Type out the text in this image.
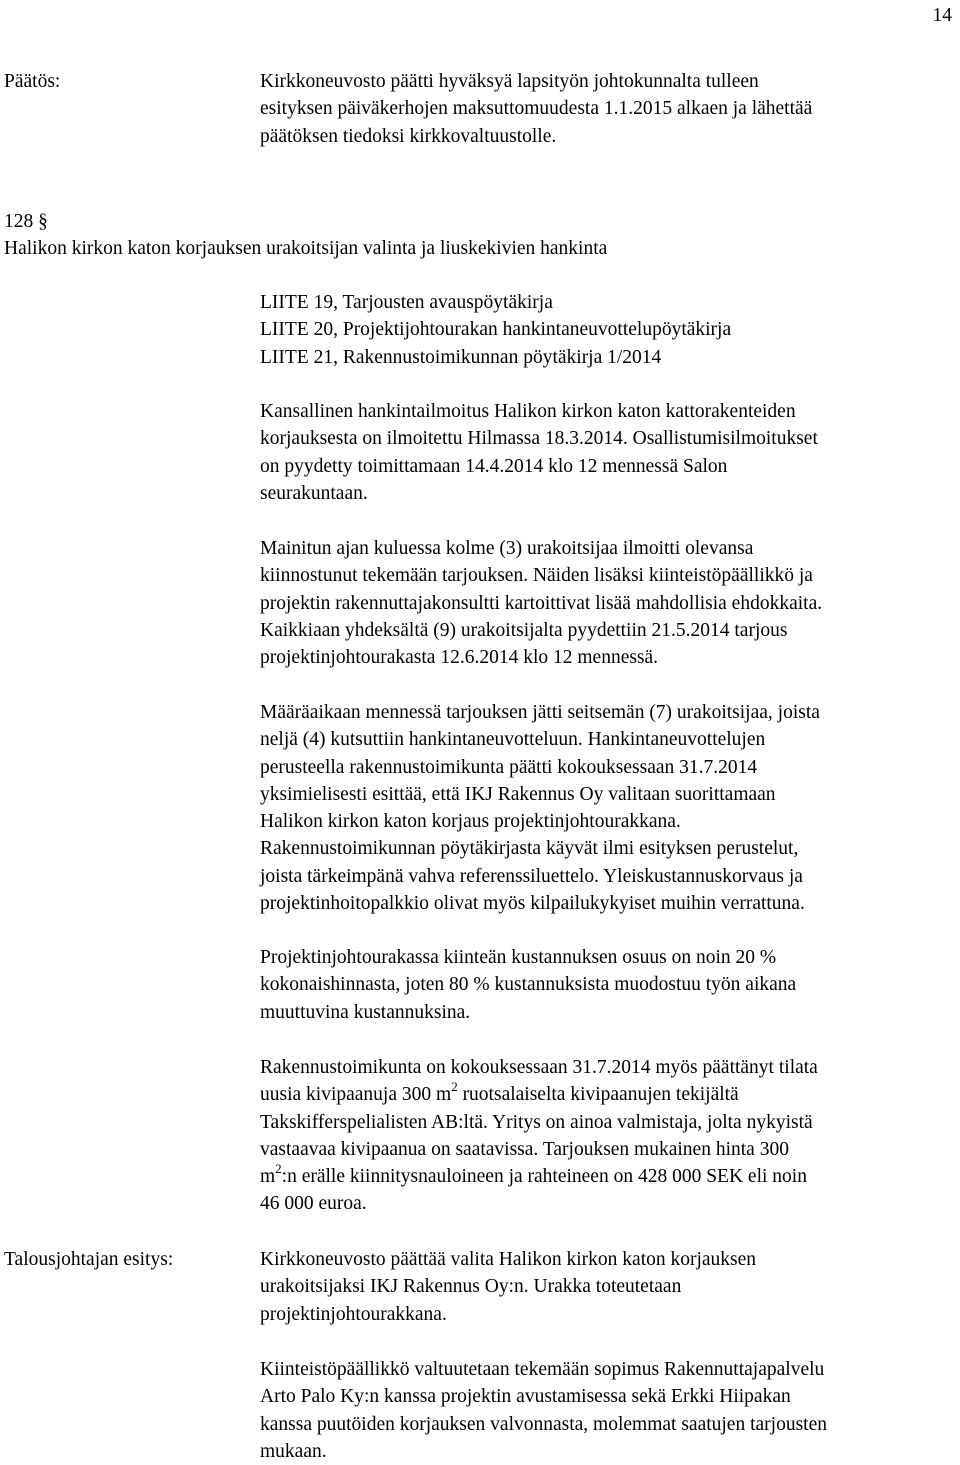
14
Päätös:	Kirkkoneuvosto päätti hyväksyä lapsityön johtokunnalta tulleen
esityksen päiväkerhojen maksuttomuudesta 1.1.2015 alkaen ja lähettää
päätöksen tiedoksi kirkkovaltuustolle.
128 §
Halikon kirkon katon korjauksen urakoitsijan valinta ja liuskekivien hankinta
LIITE 19, Tarjousten avauspöytäkirja
LIITE 20, Projektijohtourakan hankintaneuvottelupöytäkirja
LIITE 21, Rakennustoimikunnan pöytäkirja 1/2014
Kansallinen hankintailmoitus Halikon kirkon katon kattorakenteiden
korjauksesta on ilmoitettu Hilmassa 18.3.2014. Osallistumisilmoitukset
on pyydetty toimittamaan 14.4.2014 klo 12 mennessä Salon
seurakuntaan.
Mainitun ajan kuluessa kolme (3) urakoitsijaa ilmoitti olevansa
kiinnostunut tekemään tarjouksen. Näiden lisäksi kiinteistöpäällikkö ja
projektin rakennuttajakonsultti kartoittivat lisää mahdollisia ehdokkaita.
Kaikkiaan yhdeksältä (9) urakoitsijalta pyydettiin 21.5.2014 tarjous
projektinjohtourakasta 12.6.2014 klo 12 mennessä.
Määräaikaan mennessä tarjouksen jätti seitsemän (7) urakoitsijaa, joista
neljä (4) kutsuttiin hankintaneuvotteluun. Hankintaneuvottelujen
perusteella rakennustoimikunta päätti kokouksessaan 31.7.2014
yksimielisesti esittää, että IKJ Rakennus Oy valitaan suorittamaan
Halikon kirkon katon korjaus projektinjohtourakkana.
Rakennustoimikunnan pöytäkirjasta käyvät ilmi esityksen perustelut,
joista tärkeimpänä vahva referenssiluettelo. Yleiskustannuskorvaus ja
projektinhoitopalkkio olivat myös kilpailukykyiset muihin verrattuna.
Projektinjohtourakassa kiinteän kustannuksen osuus on noin 20 %
kokonaishinnasta, joten 80 % kustannuksista muodostuu työn aikana
muuttuvina kustannuksina.
Rakennustoimikunta on kokouksessaan 31.7.2014 myös päättänyt tilata
uusia kivipaanuja 300 $m^2$ ruotsalaiselta kivipaanujen tekijältä
Takskifferspelialisten AB:ltä. Yritys on ainoa valmistaja, jolta nykyistä
vastaavaa kivipaanua on saatavissa. Tarjouksen mukainen hinta 300
$m^2:n$ erälle kiinnitysnauloineen ja rahteineen on 428 000 SEK eli noin
46 000 euroa.
Talousjohtajan esitys:	Kirkkoneuvosto päättää valita Halikon kirkon katon korjauksen
urakoitsijaksi IKJ Rakennus Oy:n. Urakka toteutetaan
projektinjohtourakkana.
Kiinteistöpäällikkö valtuutetaan tekemään sopimus Rakennuttajapalvelu
Arto Palo Ky:n kanssa projektin avustamisessa sekä Erkki Hiipakan
kanssa puutöiden korjauksen valvonnasta, molemmat saatujen tarjousten
mukaan.
